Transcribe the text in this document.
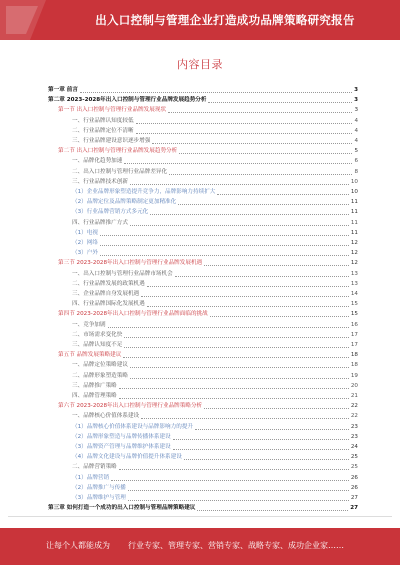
出入口控制与管理企业打造成功品牌策略研究报告
内容目录
第一章 前言	3
第二章 2023-2028年出入口控制与管理行业品牌发展趋势分析	3
第一节 出入口控制与管理行业品牌发展现状	3
一、行业品牌认知度较低	4
二、行业品牌定位不清晰	4
三、行业品牌建设意识逐步增强	4
第二节 出入口控制与管理行业品牌发展趋势分析	5
一、品牌化趋势加速	6
二、出入口控制与管理行业品牌差异化	8
三、行业品牌技术创新	10
（1）企业品牌形象塑造提升竞争力，品牌影响力持续扩大	10
（2）品牌定位及品牌策略制定更加精准化	11
（3）行业品牌营销方式多元化	11
四、行业品牌推广方式	11
（1）电视	11
（2）网络	12
（3）户外	12
第三节 2023-2028年出入口控制与管理行业品牌发展机遇	12
一、出入口控制与管理行业品牌市场机会	13
二、行业品牌发展的政策机遇	13
三、企业品牌自身发展机遇	14
四、行业品牌国际化发展机遇	15
第四节 2023-2028年出入口控制与管理行业品牌面临的挑战	15
一、竞争加剧	16
二、市场需求变化快	17
三、品牌认知度不足	17
第五节 品牌发展策略建议	18
一、品牌定位策略建议	18
二、品牌形象塑造策略	19
三、品牌推广策略	20
四、品牌管理策略	21
第六节 2023-2028年出入口控制与管理行业品牌策略分析	22
一、品牌核心价值体系建设	22
（1）品牌核心价值体系建设与品牌影响力的提升	23
（2）品牌形象塑造与品牌传播体系建设	23
（3）品牌资产管理与品牌维护体系建设	24
（4）品牌文化建设与品牌价值提升体系建设	25
二、品牌营销策略	25
（1）品牌营销	26
（2）品牌推广与传播	26
（3）品牌维护与管理	27
第三章 如何打造一个成功的出入口控制与管理品牌策略建议	27
让每个人都能成为 行业专家、管理专家、营销专家、战略专家、成功企业家……
